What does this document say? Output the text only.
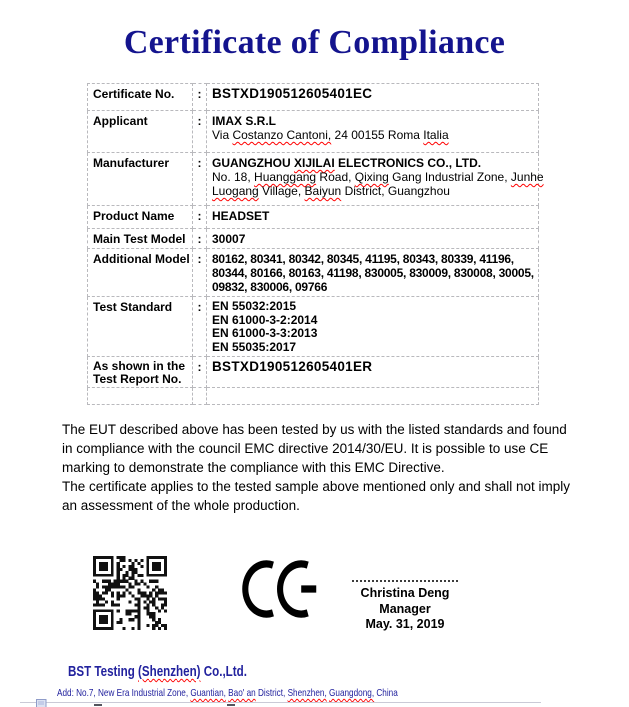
Certificate of Compliance
Certificate No.	:	BSTXD190512605401EC

Applicant	:	IMAX S.R.L
Via Costanzo Cantoni, 24 00155 Roma Italia

Manufacturer	:	GUANGZHOU XIJILAI ELECTRONICS CO., LTD.
No. 18, Huanggang Road, Qixing Gang Industrial Zone, Junhe
Luogang Village, Baiyun District, Guangzhou

Product Name	:	HEADSET

Main Test Model	:	30007

Additional Model	:	80162, 80341, 80342, 80345, 41195, 80343, 80339, 41196,
80344, 80166, 80163, 41198, 830005, 830009, 830008, 30005,
09832, 830006, 09766

Test Standard	:	EN 55032:2015
EN 61000-3-2:2014
EN 61000-3-3:2013
EN 55035:2017

As shown in the
Test Report No.	:	BSTXD190512605401ER

The EUT described above has been tested by us with the listed standards and found
in compliance with the council EMC directive 2014/30/EU. It is possible to use CE
marking to demonstrate the compliance with this EMC Directive.
The certificate applies to the tested sample above mentioned only and shall not imply
an assessment of the whole production.
Christina Deng
Manager
May. 31, 2019
BST Testing (Shenzhen) Co.,Ltd.
Add: No.7, New Era Industrial Zone, Guantian, Bao' an District, Shenzhen, Guangdong, China
